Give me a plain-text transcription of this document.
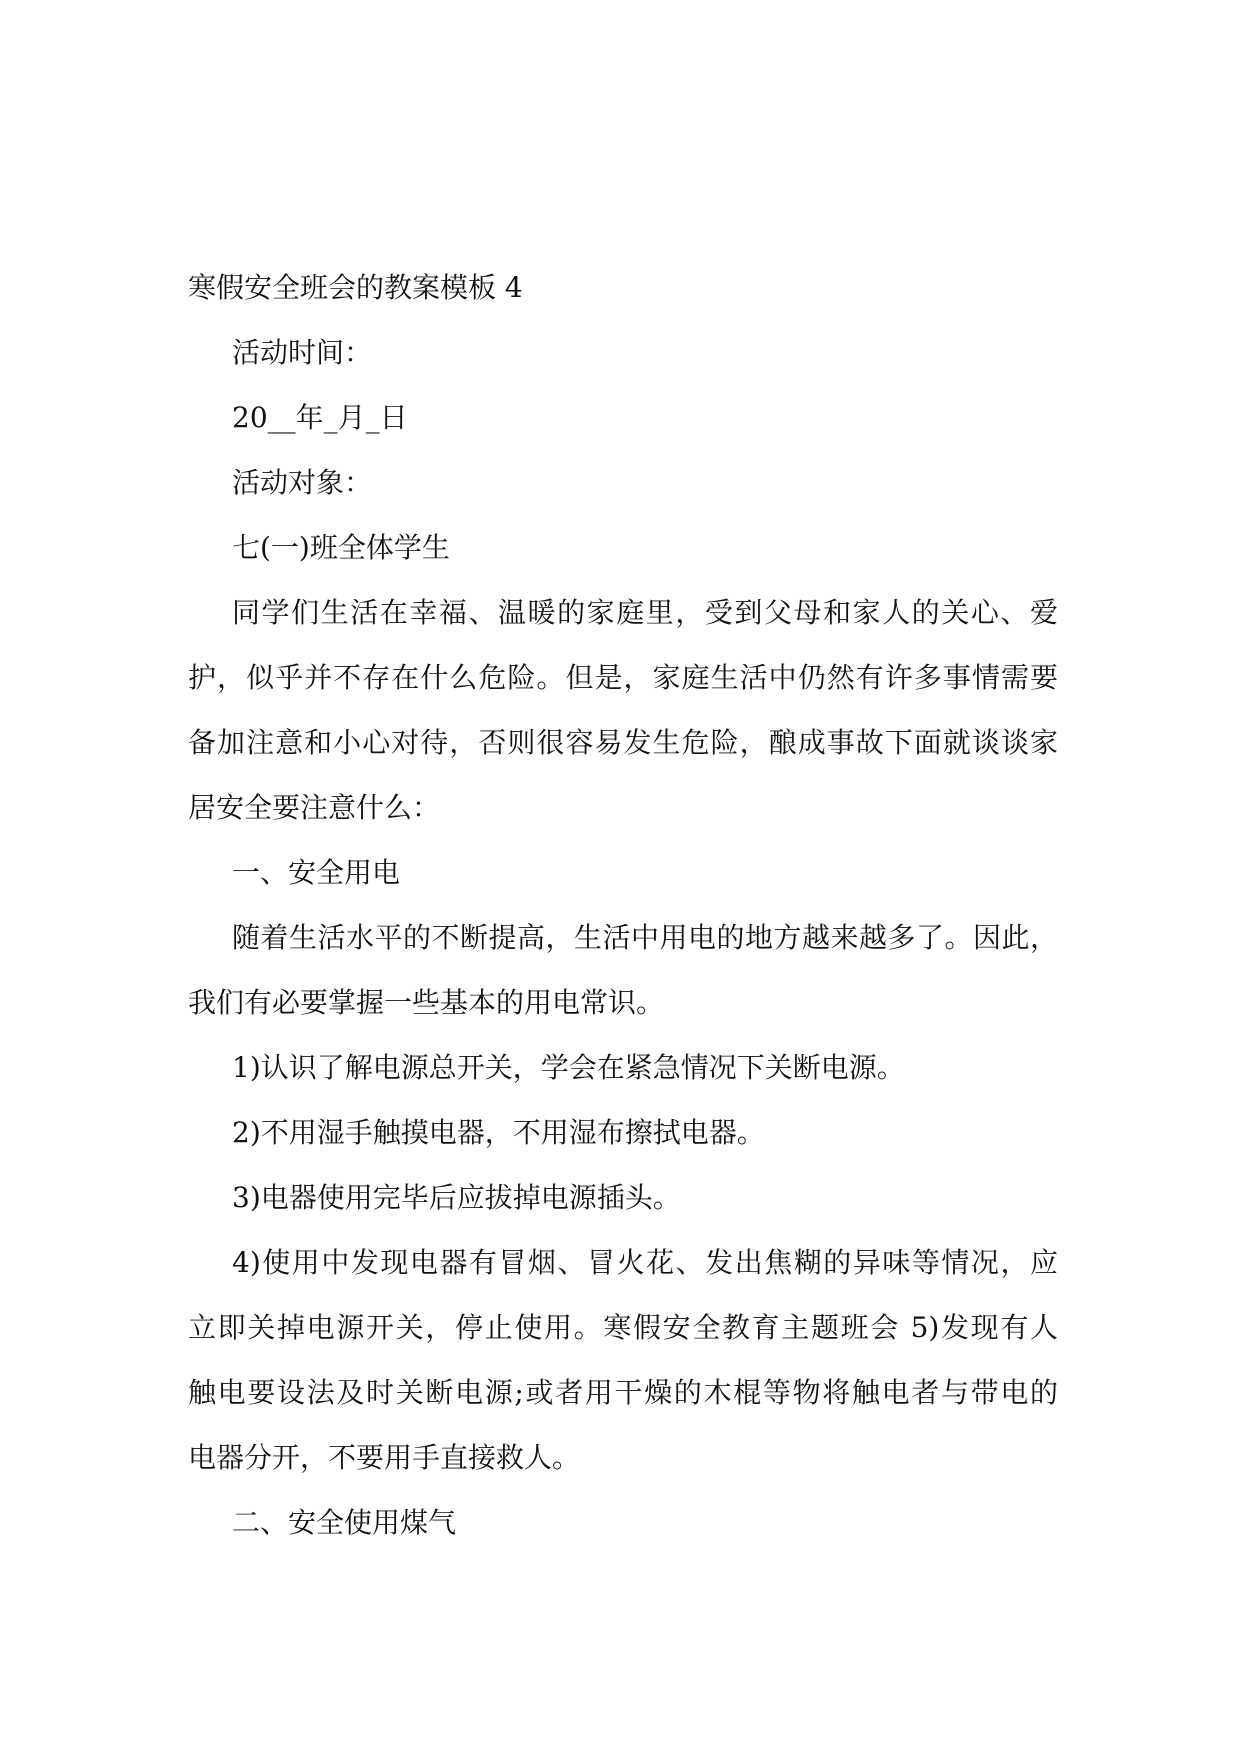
寒假安全班会的教案模板 4

活动时间：

20__年_月_日

活动对象：

七(一)班全体学生

同学们生活在幸福、温暖的家庭里，受到父母和家人的关心、爱

护，似乎并不存在什么危险。但是，家庭生活中仍然有许多事情需要

备加注意和小心对待，否则很容易发生危险，酿成事故下面就谈谈家

居安全要注意什么：

一、安全用电

随着生活水平的不断提高，生活中用电的地方越来越多了。因此，

我们有必要掌握一些基本的用电常识。

1)认识了解电源总开关，学会在紧急情况下关断电源。

2)不用湿手触摸电器，不用湿布擦拭电器。

3)电器使用完毕后应拔掉电源插头。

4)使用中发现电器有冒烟、冒火花、发出焦糊的异味等情况，应

立即关掉电源开关，停止使用。寒假安全教育主题班会 5)发现有人

触电要设法及时关断电源;或者用干燥的木棍等物将触电者与带电的

电器分开，不要用手直接救人。

二、安全使用煤气
